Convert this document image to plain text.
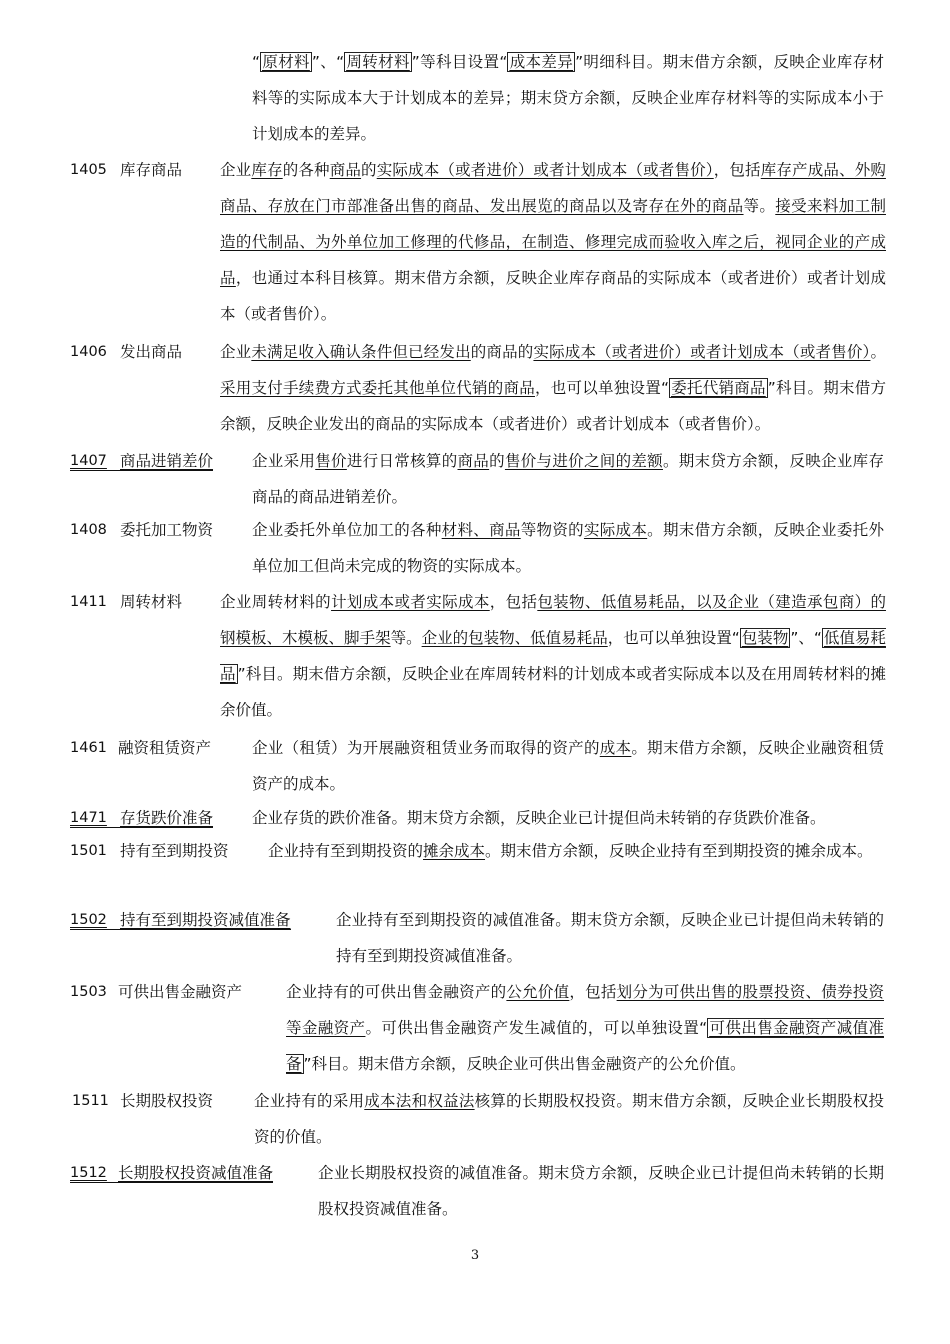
“ 原材料 ”、“ 周转材料 ”等科目设置“ 成本差异 ”明细科目。期末借方余额，反映企业库存材料等的实际成本大于计划成本的差异；期末贷方余额，反映企业库存材料等的实际成本小于计划成本的差异。
1405 库存商品 企业库存的各种商品的实际成本（或者进价）或者计划成本（或者售价），包括库存产成品、外购商品、存放在门市部准备出售的商品、发出展览的商品以及寄存在外的商品等。接受来料加工制造的代制品、为外单位加工修理的代修品，在制造、修理完成而验收入库之后，视同企业的产成品，也通过本科目核算。期末借方余额，反映企业库存商品的实际成本（或者进价）或者计划成本（或者售价）。
1406 发出商品 企业未满足收入确认条件但已经发出的商品的实际成本（或者进价）或者计划成本（或者售价）。采用支付手续费方式委托其他单位代销的商品，也可以单独设置“ 委托代销商品 ”科目。期末借方余额，反映企业发出的商品的实际成本（或者进价）或者计划成本（或者售价）。
1407 商品进销差价	企业采用售价进行日常核算的商品的售价与进价之间的差额。期末贷方余额，反映企业库存商品的商品进销差价。
1408 委托加工物资	企业委托外单位加工的各种材料、商品等物资的实际成本。期末借方余额，反映企业委托外单位加工但尚未完成的物资的实际成本。
1411 周转材料 企业周转材料的计划成本或者实际成本，包括包装物、低值易耗品，以及企业（建造承包商）的钢模板、木模板、脚手架等。企业的包装物、低值易耗品，也可以单独设置“ 包装物 ”、“ 低值易耗品 ”科目。期末借方余额，反映企业在库周转材料的计划成本或者实际成本以及在用周转材料的摊余价值。
1461 融资租赁资产	企业（租赁）为开展融资租赁业务而取得的资产的成本。期末借方余额，反映企业融资租赁资产的成本。
1471 存货跌价准备	企业存货的跌价准备。期末贷方余额，反映企业已计提但尚未转销的存货跌价准备。
1501 持有至到期投资	企业持有至到期投资的摊余成本。期末借方余额，反映企业持有至到期投资的摊余成本。
1502 持有至到期投资减值准备	企业持有至到期投资的减值准备。期末贷方余额，反映企业已计提但尚未转销的持有至到期投资减值准备。
1503 可供出售金融资产	企业持有的可供出售金融资产的公允价值，包括划分为可供出售的股票投资、债券投资等金融资产。可供出售金融资产发生减值的，可以单独设置“ 可供出售金融资产减值准备 ”科目。期末借方余额，反映企业可供出售金融资产的公允价值。
1511 长期股权投资	企业持有的采用成本法和权益法核算的长期股权投资。期末借方余额，反映企业长期股权投资的价值。
1512 长期股权投资减值准备	企业长期股权投资的减值准备。期末贷方余额，反映企业已计提但尚未转销的长期股权投资减值准备。
3
